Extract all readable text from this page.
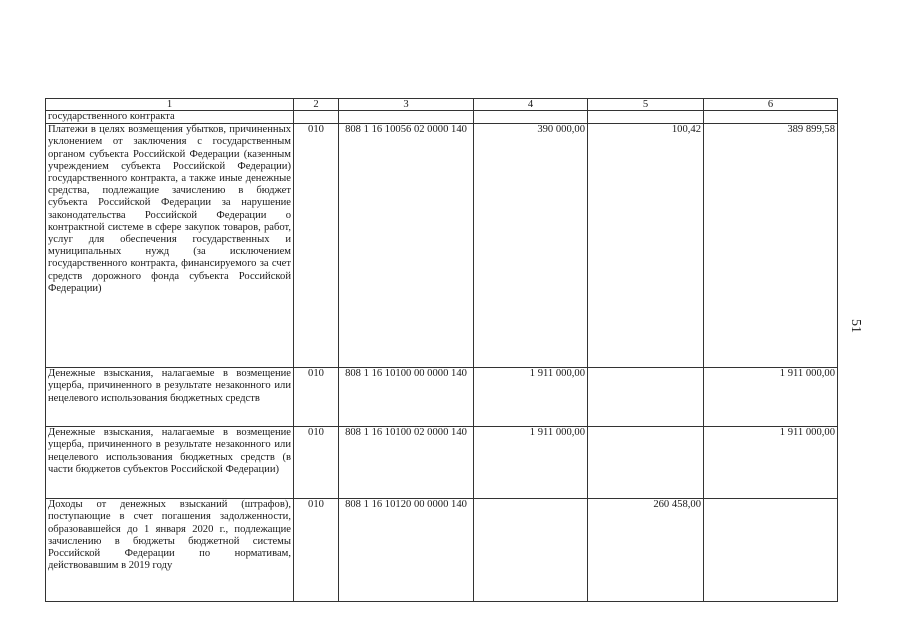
1	2	3	4	5	6
государственного контракта					
Платежи в целях возмещения убытков, причиненных уклонением от заключения с государственным органом субъекта Российской Федерации (казенным учреждением субъекта Российской Федерации) государственного контракта, а также иные денежные средства, подлежащие зачислению в бюджет субъекта Российской Федерации за нарушение законодательства Российской Федерации о контрактной системе в сфере закупок товаров, работ, услуг для обеспечения государственных и муниципальных нужд (за исключением государственного контракта, финансируемого за счет средств дорожного фонда субъекта Российской Федерации)	010	808 1 16 10056 02 0000 140	390 000,00	100,42	389 899,58
Денежные взыскания, налагаемые в возмещение ущерба, причиненного в результате незаконного или нецелевого использования бюджетных средств	010	808 1 16 10100 00 0000 140	1 911 000,00		1 911 000,00
Денежные взыскания, налагаемые в возмещение ущерба, причиненного в результате незаконного или нецелевого использования бюджетных средств (в части бюджетов субъектов Российской Федерации)	010	808 1 16 10100 02 0000 140	1 911 000,00		1 911 000,00
Доходы от денежных взысканий (штрафов), поступающие в счет погашения задолженности, образовавшейся до 1 января 2020 г., подлежащие зачислению в бюджеты бюджетной системы Российской Федерации по нормативам, действовавшим в 2019 году	010	808 1 16 10120 00 0000 140		260 458,00	
51
